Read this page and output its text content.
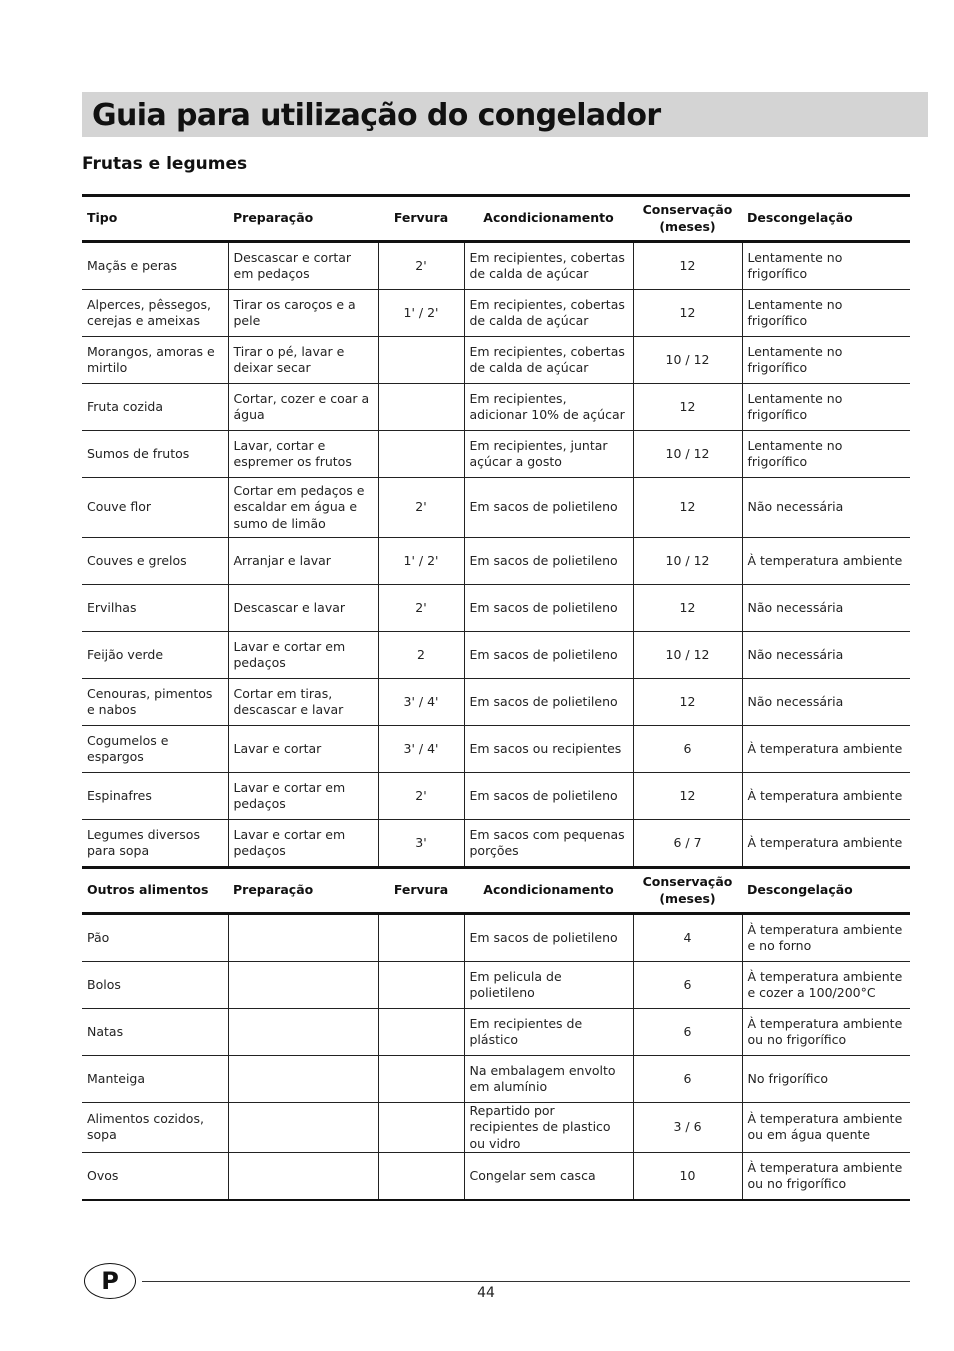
Guia para utilização do congelador
Frutas e legumes
Tipo	Preparação	Fervura	Acondicionamento	Conservação (meses)	Descongelação
Maçãs e peras	Descascar e cortar em pedaços	2'	Em recipientes, cobertas de calda de açúcar	12	Lentamente no frigorífico
Alperces, pêssegos, cerejas e ameixas	Tirar os caroços e a pele	1' / 2'	Em recipientes, cobertas de calda de açúcar	12	Lentamente no frigorífico
Morangos, amoras e mirtilo	Tirar o pé, lavar e deixar secar		Em recipientes, cobertas de calda de açúcar	10 / 12	Lentamente no frigorífico
Fruta cozida	Cortar, cozer e coar a água		Em recipientes, adicionar 10% de açúcar	12	Lentamente no frigorífico
Sumos de frutos	Lavar, cortar e espremer os frutos		Em recipientes, juntar açúcar a gosto	10 / 12	Lentamente no frigorífico
Couve flor	Cortar em pedaços e escaldar em água e sumo de limão	2'	Em sacos de polietileno	12	Não necessária
Couves e grelos	Arranjar e lavar	1' / 2'	Em sacos de polietileno	10 / 12	À temperatura ambiente
Ervilhas	Descascar e lavar	2'	Em sacos de polietileno	12	Não necessária
Feijão verde	Lavar e cortar em pedaços	2	Em sacos de polietileno	10 / 12	Não necessária
Cenouras, pimentos e nabos	Cortar em tiras, descascar e lavar	3' / 4'	Em sacos de polietileno	12	Não necessária
Cogumelos e espargos	Lavar e cortar	3' / 4'	Em sacos ou recipientes	6	À temperatura ambiente
Espinafres	Lavar e cortar em pedaços	2'	Em sacos de polietileno	12	À temperatura ambiente
Legumes diversos para sopa	Lavar e cortar em pedaços	3'	Em sacos com pequenas porções	6 / 7	À temperatura ambiente
Outros alimentos	Preparação	Fervura	Acondicionamento	Conservação (meses)	Descongelação
Pão			Em sacos de polietileno	4	À temperatura ambiente e no forno
Bolos			Em pelicula de polietileno	6	À temperatura ambiente e cozer a 100/200°C
Natas			Em recipientes de plástico	6	À temperatura ambiente ou no frigorífico
Manteiga			Na embalagem envolto em alumínio	6	No frigorífico
Alimentos cozidos, sopa			Repartido por recipientes de plastico ou vidro	3 / 6	À temperatura ambiente ou em água quente
Ovos			Congelar sem casca	10	À temperatura ambiente ou no frigorífico
P	44
